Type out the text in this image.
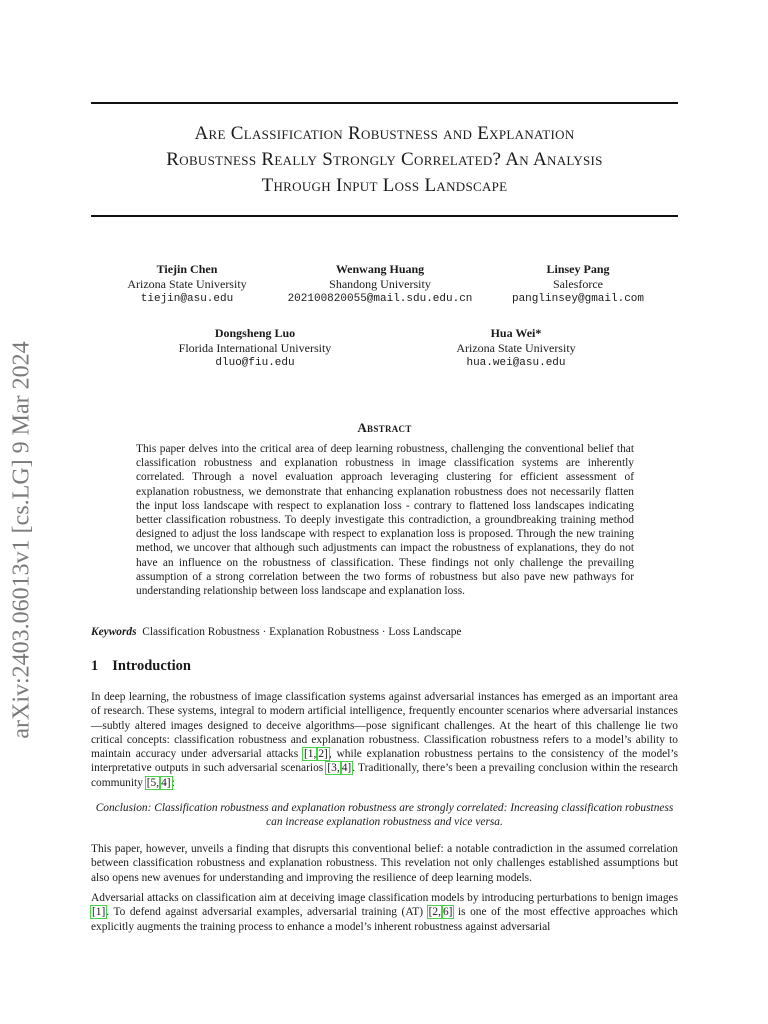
arXiv:2403.06013v1 [cs.LG] 9 Mar 2024
Are Classification Robustness and Explanation
Robustness Really Strongly Correlated? An Analysis
Through Input Loss Landscape
Tiejin Chen
Arizona State University
tiejin@asu.edu
Wenwang Huang
Shandong University
202100820055@mail.sdu.edu.cn
Linsey Pang
Salesforce
panglinsey@gmail.com
Dongsheng Luo
Florida International University
dluo@fiu.edu
Hua Wei*
Arizona State University
hua.wei@asu.edu
Abstract
This paper delves into the critical area of deep learning robustness, challenging the conventional belief that classification robustness and explanation robustness in image classification systems are inherently correlated. Through a novel evaluation approach leveraging clustering for efficient assessment of explanation robustness, we demonstrate that enhancing explanation robustness does not necessarily flatten the input loss landscape with respect to explanation loss - contrary to flattened loss landscapes indicating better classification robustness. To deeply investigate this contradiction, a groundbreaking training method designed to adjust the loss landscape with respect to explanation loss is proposed. Through the new training method, we uncover that although such adjustments can impact the robustness of explanations, they do not have an influence on the robustness of classification. These findings not only challenge the prevailing assumption of a strong correlation between the two forms of robustness but also pave new pathways for understanding relationship between loss landscape and explanation loss.
Keywords Classification Robustness · Explanation Robustness · Loss Landscape
1 Introduction
In deep learning, the robustness of image classification systems against adversarial instances has emerged as an important area of research. These systems, integral to modern artificial intelligence, frequently encounter scenarios where adversarial instances—subtly altered images designed to deceive algorithms—pose significant challenges. At the heart of this challenge lie two critical concepts: classification robustness and explanation robustness. Classification robustness refers to a model’s ability to maintain accuracy under adversarial attacks [1, 2], while explanation robustness pertains to the consistency of the model’s interpretative outputs in such adversarial scenarios [3, 4]. Traditionally, there’s been a prevailing conclusion within the research community [5, 4]:
Conclusion: Classification robustness and explanation robustness are strongly correlated: Increasing classification robustness can increase explanation robustness and vice versa.
This paper, however, unveils a finding that disrupts this conventional belief: a notable contradiction in the assumed correlation between classification robustness and explanation robustness. This revelation not only challenges established assumptions but also opens new avenues for understanding and improving the resilience of deep learning models.
Adversarial attacks on classification aim at deceiving image classification models by introducing perturbations to benign images [1]. To defend against adversarial examples, adversarial training (AT) [2, 6] is one of the most effective approaches which explicitly augments the training process to enhance a model’s inherent robustness against adversarial
